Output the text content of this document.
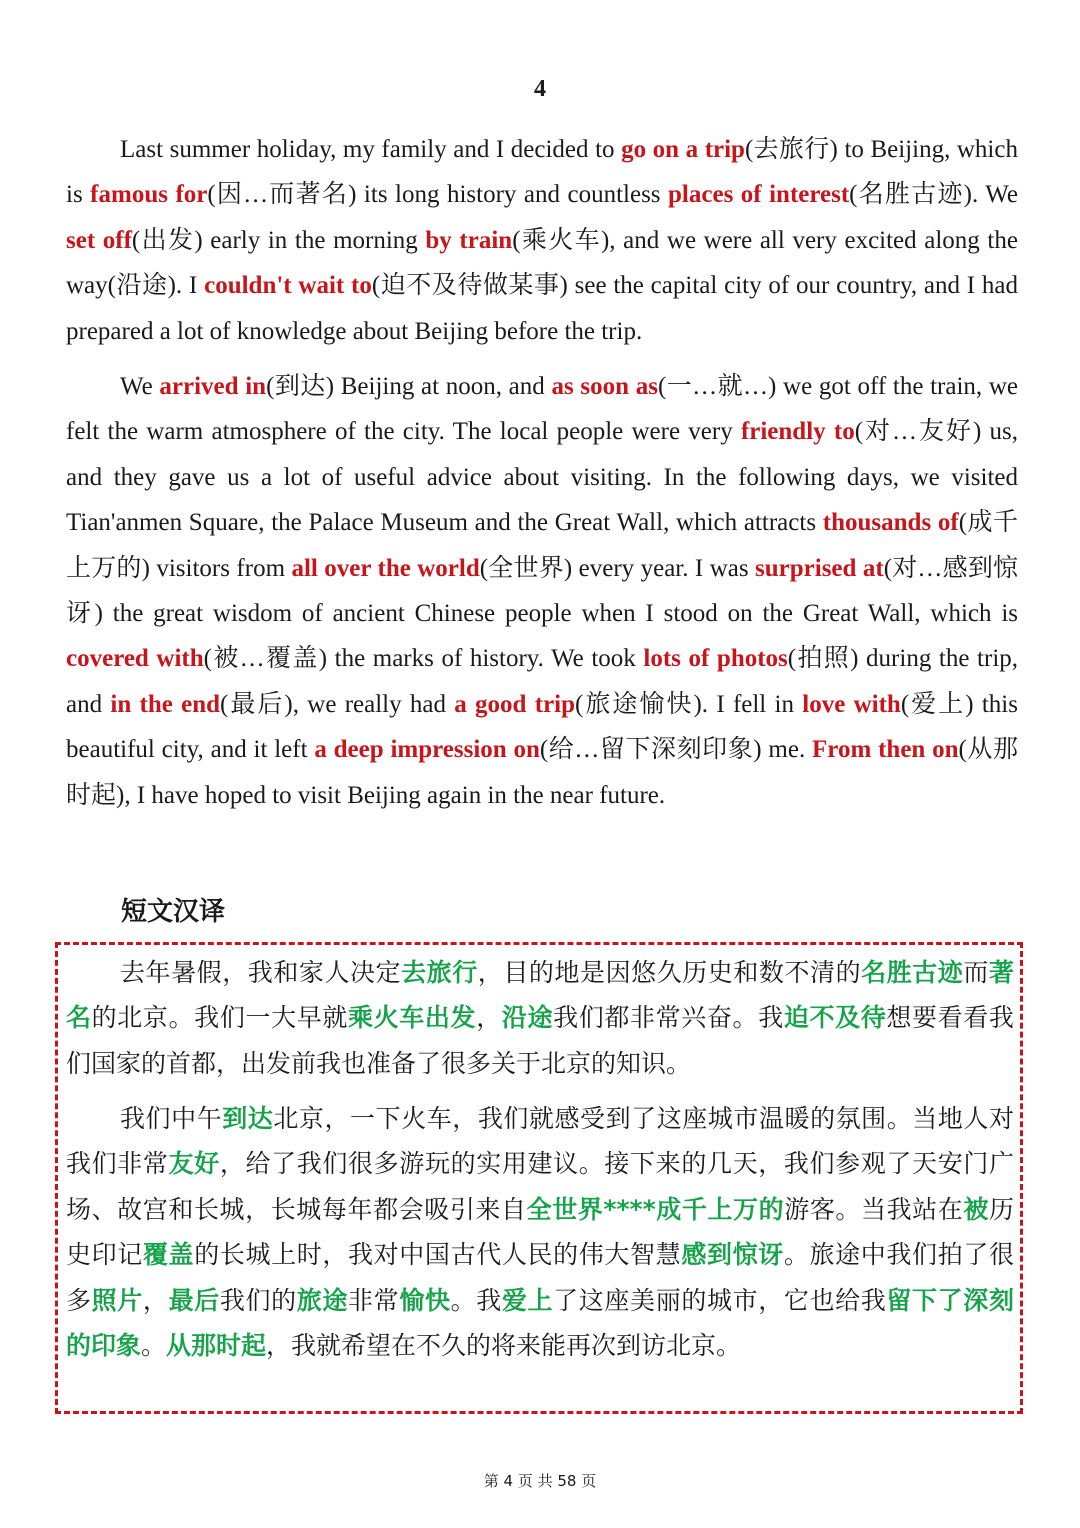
4

Last summer holiday, my family and I decided to go on a trip(去旅行) to Beijing, which is famous for(因…而著名) its long history and countless places of interest(名胜古迹). We set off(出发) early in the morning by train(乘火车), and we were all very excited along the way(沿途). I couldn't wait to(迫不及待做某事) see the capital city of our country, and I had prepared a lot of knowledge about Beijing before the trip.

We arrived in(到达) Beijing at noon, and as soon as(一…就…) we got off the train, we felt the warm atmosphere of the city. The local people were very friendly to(对…友好) us, and they gave us a lot of useful advice about visiting. In the following days, we visited Tian'anmen Square, the Palace Museum and the Great Wall, which attracts thousands of(成千上万的) visitors from all over the world(全世界) every year. I was surprised at(对…感到惊讶) the great wisdom of ancient Chinese people when I stood on the Great Wall, which is covered with(被…覆盖) the marks of history. We took lots of photos(拍照) during the trip, and in the end(最后), we really had a good trip(旅途愉快). I fell in love with(爱上) this beautiful city, and it left a deep impression on(给…留下深刻印象) me. From then on(从那时起), I have hoped to visit Beijing again in the near future.

短文汉译

去年暑假，我和家人决定去旅行，目的地是因悠久历史和数不清的名胜古迹而著名的北京。我们一大早就乘火车出发，沿途我们都非常兴奋。我迫不及待想要看看我们国家的首都，出发前我也准备了很多关于北京的知识。

我们中午到达北京，一下火车，我们就感受到了这座城市温暖的氛围。当地人对我们非常友好，给了我们很多游玩的实用建议。接下来的几天，我们参观了天安门广场、故宫和长城，长城每年都会吸引来自全世界****成千上万的游客。当我站在被历史印记覆盖的长城上时，我对中国古代人民的伟大智慧感到惊讶。旅途中我们拍了很多照片，最后我们的旅途非常愉快。我爱上了这座美丽的城市，它也给我留下了深刻的印象。从那时起，我就希望在不久的将来能再次到访北京。

第 4 页 共 58 页
